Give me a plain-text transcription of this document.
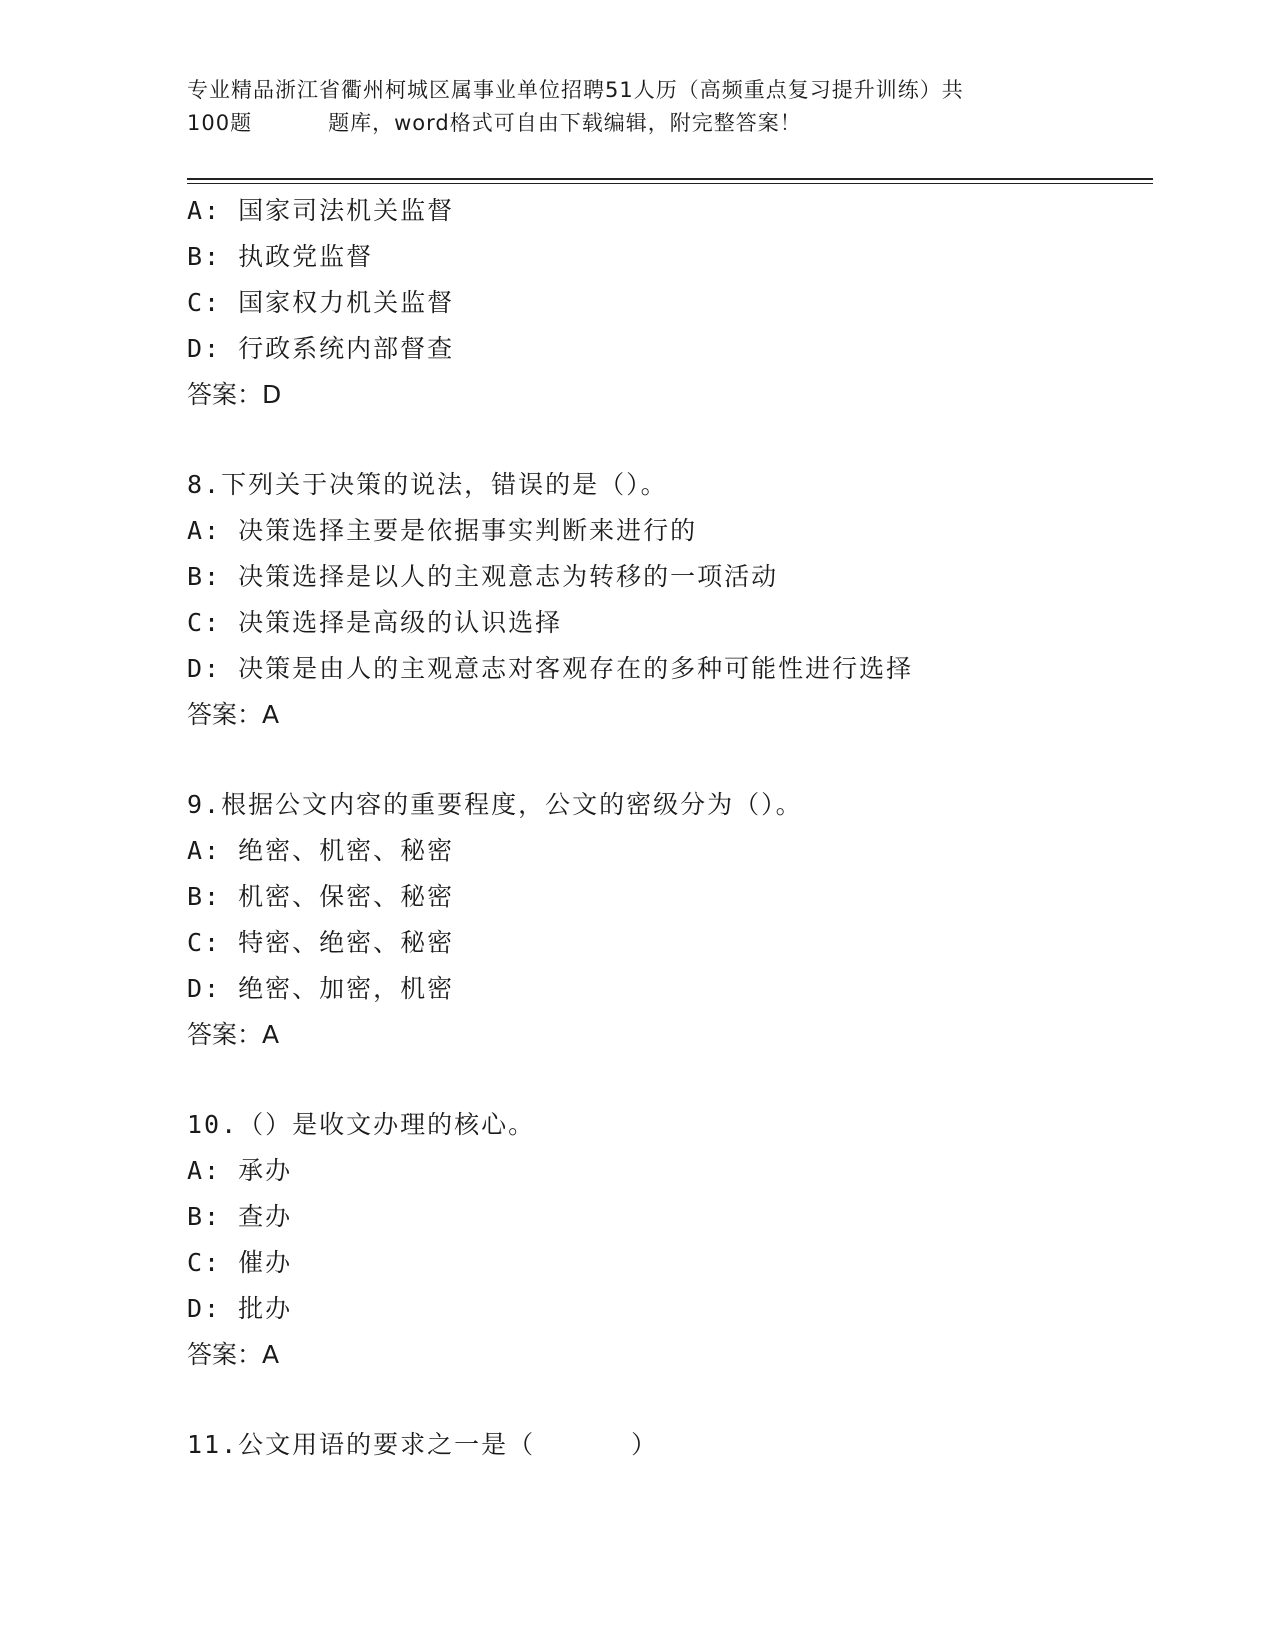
专业精品浙江省衢州柯城区属事业单位招聘51人历（高频重点复习提升训练）共
100题	题库，word格式可自由下载编辑，附完整答案！
A: 国家司法机关监督
B: 执政党监督
C: 国家权力机关监督
D: 行政系统内部督查
答案：D
8.下列关于决策的说法，错误的是（）。
A: 决策选择主要是依据事实判断来进行的
B: 决策选择是以人的主观意志为转移的一项活动
C: 决策选择是高级的认识选择
D: 决策是由人的主观意志对客观存在的多种可能性进行选择
答案：A
9.根据公文内容的重要程度，公文的密级分为（）。
A: 绝密、机密、秘密
B: 机密、保密、秘密
C: 特密、绝密、秘密
D: 绝密、加密，机密
答案：A
10.（）是收文办理的核心。
A: 承办
B: 查办
C: 催办
D: 批办
答案：A
11.公文用语的要求之一是（	）
